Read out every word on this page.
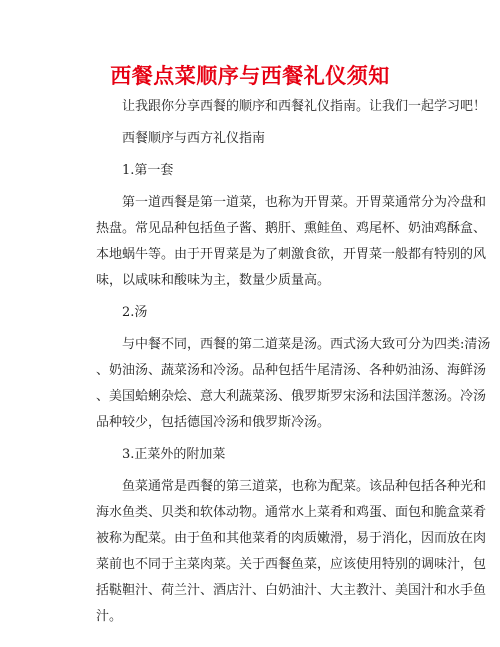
西餐点菜顺序与西餐礼仪须知

让我跟你分享西餐的顺序和西餐礼仪指南。让我们一起学习吧！

西餐顺序与西方礼仪指南

1.第一套

第一道西餐是第一道菜，也称为开胃菜。开胃菜通常分为冷盘和
热盘。常见品种包括鱼子酱、鹅肝、熏鲑鱼、鸡尾杯、奶油鸡酥盒、
本地蜗牛等。由于开胃菜是为了刺激食欲，开胃菜一般都有特别的风
味，以咸味和酸味为主，数量少质量高。

2.汤

与中餐不同，西餐的第二道菜是汤。西式汤大致可分为四类:清汤
、奶油汤、蔬菜汤和冷汤。品种包括牛尾清汤、各种奶油汤、海鲜汤
、美国蛤蜊杂烩、意大利蔬菜汤、俄罗斯罗宋汤和法国洋葱汤。冷汤
品种较少，包括德国冷汤和俄罗斯冷汤。

3.正菜外的附加菜

鱼菜通常是西餐的第三道菜，也称为配菜。该品种包括各种光和
海水鱼类、贝类和软体动物。通常水上菜肴和鸡蛋、面包和脆盒菜肴
被称为配菜。由于鱼和其他菜肴的肉质嫩滑，易于消化，因而放在肉
菜前也不同于主菜肉菜。关于西餐鱼菜，应该使用特别的调味汁，包
括鞑靼汁、荷兰汁、酒店汁、白奶油汁、大主教汁、美国汁和水手鱼
汁。
